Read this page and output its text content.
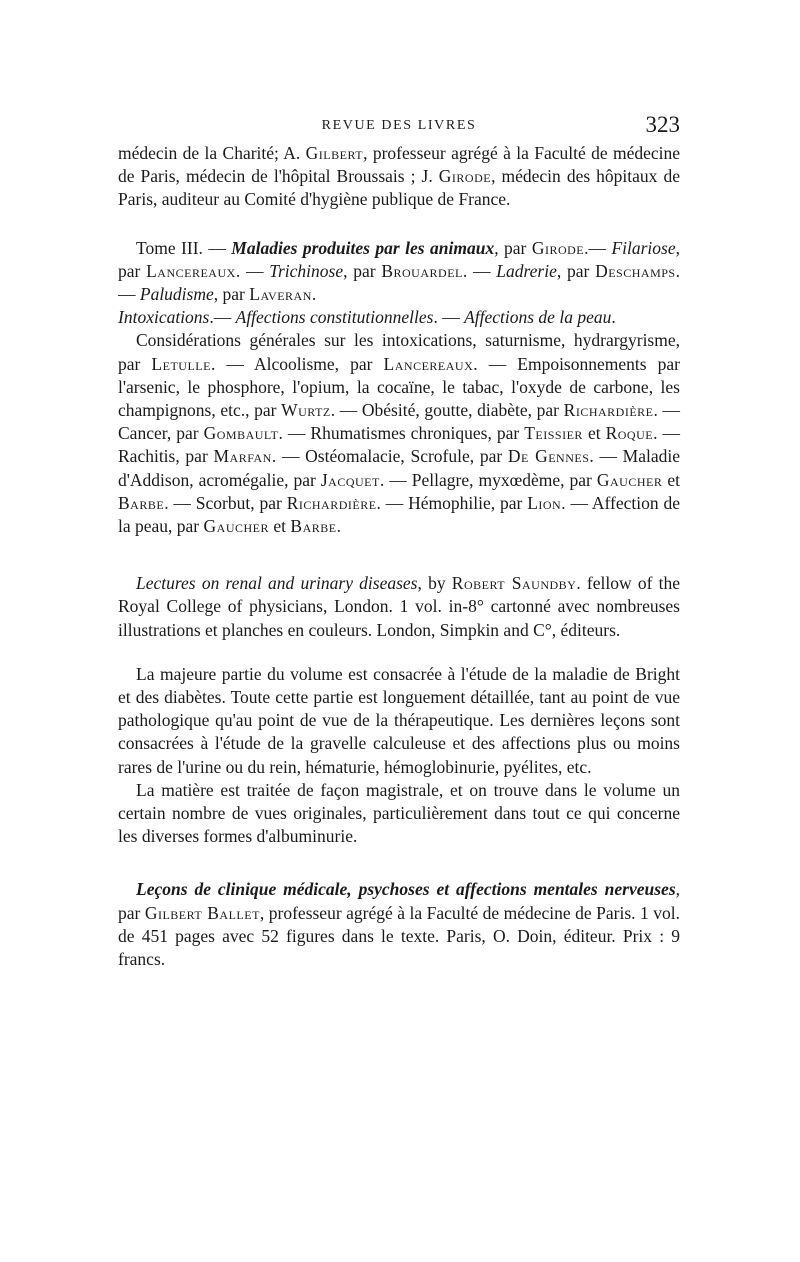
REVUE DES LIVRES	323

médecin de la Charité; A. Gilbert, professeur agrégé à la Faculté de médecine de Paris, médecin de l'hôpital Broussais ; J. Girode, médecin des hôpitaux de Paris, auditeur au Comité d'hygiène publique de France.

Tome III. — Maladies produites par les animaux, par Girode.— Filariose, par Lancereaux. — Trichinose, par Brouardel. — Ladrerie, par Deschamps. — Paludisme, par Laveran.
Intoxications.— Affections constitutionnelles. — Affections de la peau.

Considérations générales sur les intoxications, saturnisme, hydrargyrisme, par Letulle. — Alcoolisme, par Lancereaux. — Empoisonnements par l'arsenic, le phosphore, l'opium, la cocaïne, le tabac, l'oxyde de carbone, les champignons, etc., par Wurtz. — Obésité, goutte, diabète, par Richardière. — Cancer, par Gombault. — Rhumatismes chroniques, par Teissier et Roque. — Rachitis, par Marfan. — Ostéomalacie, Scrofule, par De Gennes. — Maladie d'Addison, acromégalie, par Jacquet. — Pellagre, myxœdème, par Gaucher et Barbe. — Scorbut, par Richardière. — Hémophilie, par Lion. — Affection de la peau, par Gaucher et Barbe.

Lectures on renal and urinary diseases, by Robert Saundby. fellow of the Royal College of physicians, London. 1 vol. in-8° cartonné avec nombreuses illustrations et planches en couleurs. London, Simpkin and C°, éditeurs.

La majeure partie du volume est consacrée à l'étude de la maladie de Bright et des diabètes. Toute cette partie est longuement détaillée, tant au point de vue pathologique qu'au point de vue de la thérapeutique. Les dernières leçons sont consacrées à l'étude de la gravelle calculeuse et des affections plus ou moins rares de l'urine ou du rein, hématurie, hémoglobinurie, pyélites, etc.

La matière est traitée de façon magistrale, et on trouve dans le volume un certain nombre de vues originales, particulièrement dans tout ce qui concerne les diverses formes d'albuminurie.

Leçons de clinique médicale, psychoses et affections mentales nerveuses, par Gilbert Ballet, professeur agrégé à la Faculté de médecine de Paris. 1 vol. de 451 pages avec 52 figures dans le texte. Paris, O. Doin, éditeur. Prix : 9 francs.
